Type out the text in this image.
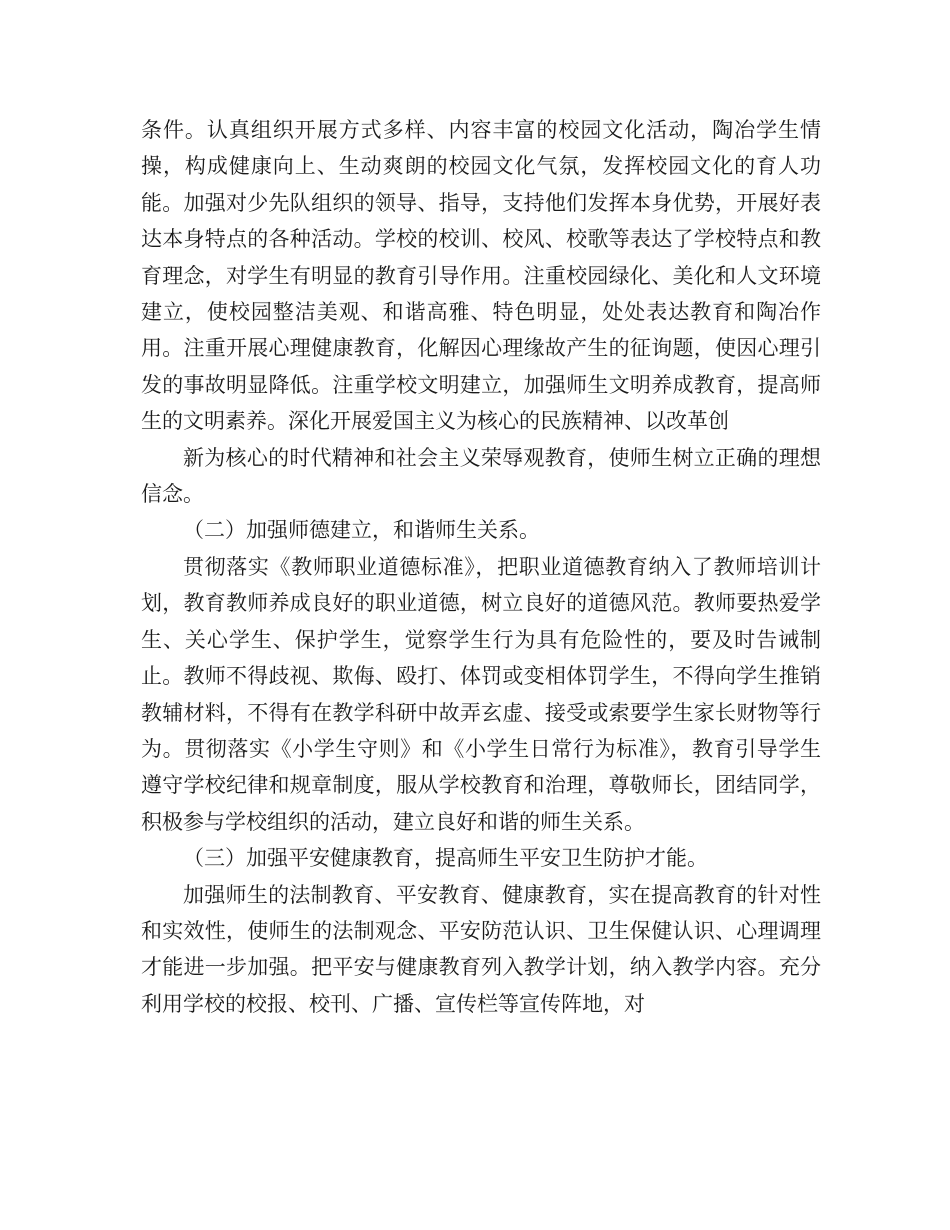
条件。认真组织开展方式多样、内容丰富的校园文化活动，陶冶学生情操，构成健康向上、生动爽朗的校园文化气氛，发挥校园文化的育人功能。加强对少先队组织的领导、指导，支持他们发挥本身优势，开展好表达本身特点的各种活动。学校的校训、校风、校歌等表达了学校特点和教育理念，对学生有明显的教育引导作用。注重校园绿化、美化和人文环境建立，使校园整洁美观、和谐高雅、特色明显，处处表达教育和陶冶作用。注重开展心理健康教育，化解因心理缘故产生的征询题，使因心理引发的事故明显降低。注重学校文明建立，加强师生文明养成教育，提高师生的文明素养。深化开展爱国主义为核心的民族精神、以改革创

新为核心的时代精神和社会主义荣辱观教育，使师生树立正确的理想信念。

（二）加强师德建立，和谐师生关系。

贯彻落实《教师职业道德标准》，把职业道德教育纳入了教师培训计划，教育教师养成良好的职业道德，树立良好的道德风范。教师要热爱学生、关心学生、保护学生，觉察学生行为具有危险性的，要及时告诫制止。教师不得歧视、欺侮、殴打、体罚或变相体罚学生，不得向学生推销教辅材料，不得有在教学科研中故弄玄虚、接受或索要学生家长财物等行为。贯彻落实《小学生守则》和《小学生日常行为标准》，教育引导学生遵守学校纪律和规章制度，服从学校教育和治理，尊敬师长，团结同学，积极参与学校组织的活动，建立良好和谐的师生关系。

（三）加强平安健康教育，提高师生平安卫生防护才能。

加强师生的法制教育、平安教育、健康教育，实在提高教育的针对性和实效性，使师生的法制观念、平安防范认识、卫生保健认识、心理调理才能进一步加强。把平安与健康教育列入教学计划，纳入教学内容。充分利用学校的校报、校刊、广播、宣传栏等宣传阵地，对
